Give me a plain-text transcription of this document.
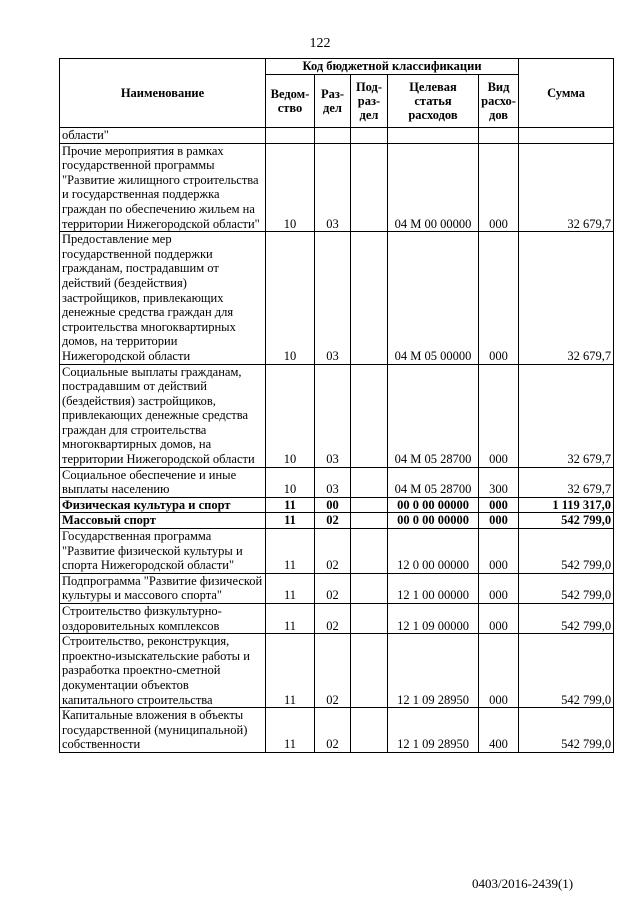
122
Наименование	Код бюджетной классификации					Сумма
	Ведом-ство	Раз-дел	Под-раз-дел	Целевая статья расходов	Вид расхо-дов	
области"						
Прочие мероприятия в рамках государственной программы "Развитие жилищного строительства и государственная поддержка граждан по обеспечению жильем на территории Нижегородской области"	10	03		04 М 00 00000	000	32 679,7
Предоставление мер государственной поддержки гражданам, пострадавшим от действий (бездействия) застройщиков, привлекающих денежные средства граждан для строительства многоквартирных домов, на территории Нижегородской области	10	03		04 М 05 00000	000	32 679,7
Социальные выплаты гражданам, пострадавшим от действий (бездействия) застройщиков, привлекающих денежные средства граждан для строительства многоквартирных домов, на территории Нижегородской области	10	03		04 М 05 28700	000	32 679,7
Социальное обеспечение и иные выплаты населению	10	03		04 М 05 28700	300	32 679,7
Физическая культура и спорт	11	00		00 0 00 00000	000	1 119 317,0
Массовый спорт	11	02		00 0 00 00000	000	542 799,0
Государственная программа "Развитие физической культуры и спорта Нижегородской области"	11	02		12 0 00 00000	000	542 799,0
Подпрограмма "Развитие физической культуры и массового спорта"	11	02		12 1 00 00000	000	542 799,0
Строительство физкультурно-оздоровительных комплексов	11	02		12 1 09 00000	000	542 799,0
Строительство, реконструкция, проектно-изыскательские работы и разработка проектно-сметной документации объектов капитального строительства	11	02		12 1 09 28950	000	542 799,0
Капитальные вложения в объекты государственной (муниципальной) собственности	11	02		12 1 09 28950	400	542 799,0
0403/2016-2439(1)
